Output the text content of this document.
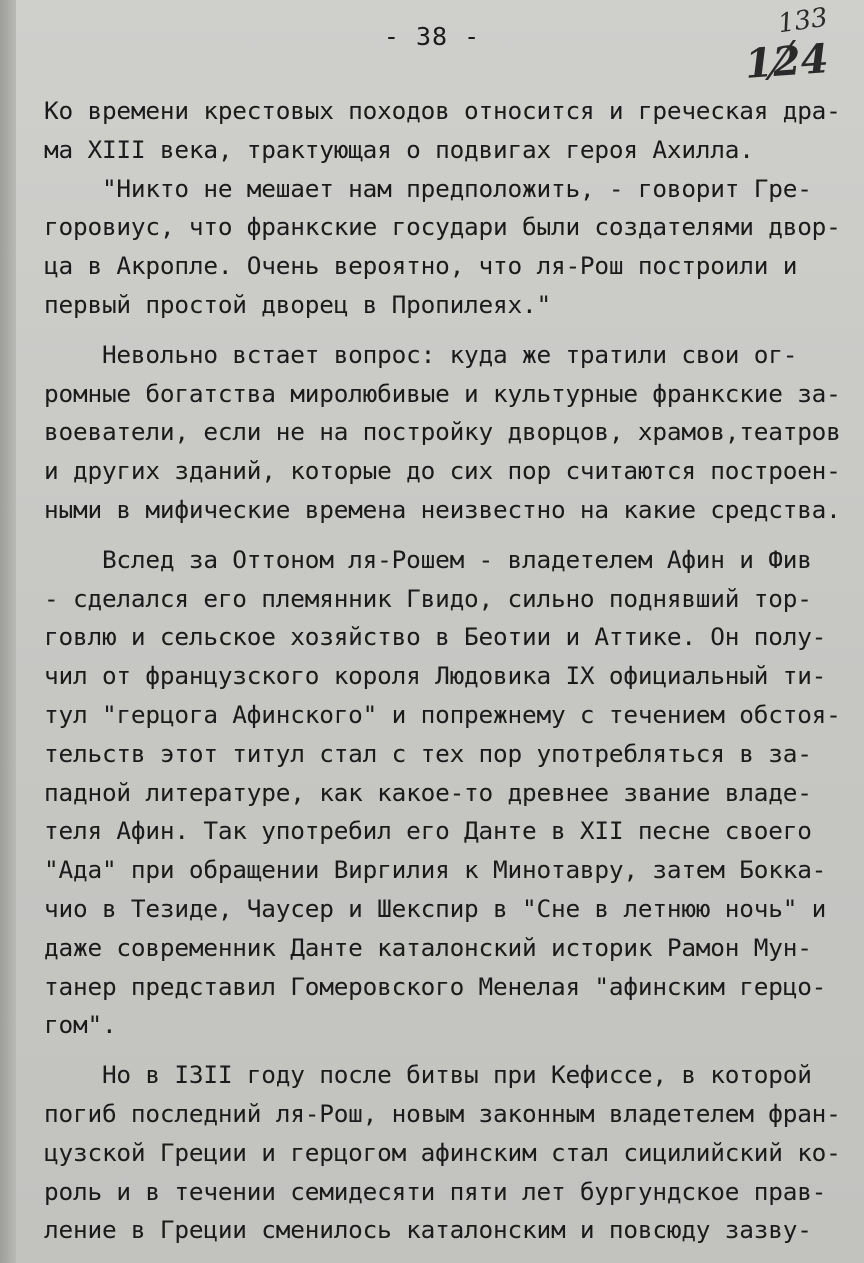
- 38 -	133
124
Ко времени крестовых походов относится и греческая дра-
ма XIII века, трактующая о подвигах героя Ахилла.
"Никто не мешает нам предположить, - говорит Гре-
горовиус, что франкские государи были создателями двор-
ца в Акропле. Очень вероятно, что ля-Рош построили и
первый простой дворец в Пропилеях."
Невольно встает вопрос: куда же тратили свои ог-
ромные богатства миролюбивые и культурные франкские за-
воеватели, если не на постройку дворцов, храмов,театров
и других зданий, которые до сих пор считаются построен-
ными в мифические времена неизвестно на какие средства.
Вслед за Оттоном ля-Рошем - владетелем Афин и Фив
- сделался его племянник Гвидо, сильно поднявший тор-
говлю и сельское хозяйство в Беотии и Аттике. Он полу-
чил от французского короля Людовика IX официальный ти-
тул "герцога Афинского" и попрежнему с течением обстоя-
тельств этот титул стал с тех пор употребляться в за-
падной литературе, как какое-то древнее звание владе-
теля Афин. Так употребил его Данте в XII песне своего
"Ада" при обращении Виргилия к Минотавру, затем Бокка-
чио в Тезиде, Чаусер и Шекспир в "Сне в летнюю ночь" и
даже современник Данте каталонский историк Рамон Мун-
танер представил Гомеровского Менелая "афинским герцо-
гом".
Но в I3II году после битвы при Кефиссе, в которой
погиб последний ля-Рош, новым законным владетелем фран-
цузской Греции и герцогом афинским стал сицилийский ко-
роль и в течении семидесяти пяти лет бургундское прав-
ление в Греции сменилось каталонским и повсюду зазву-
